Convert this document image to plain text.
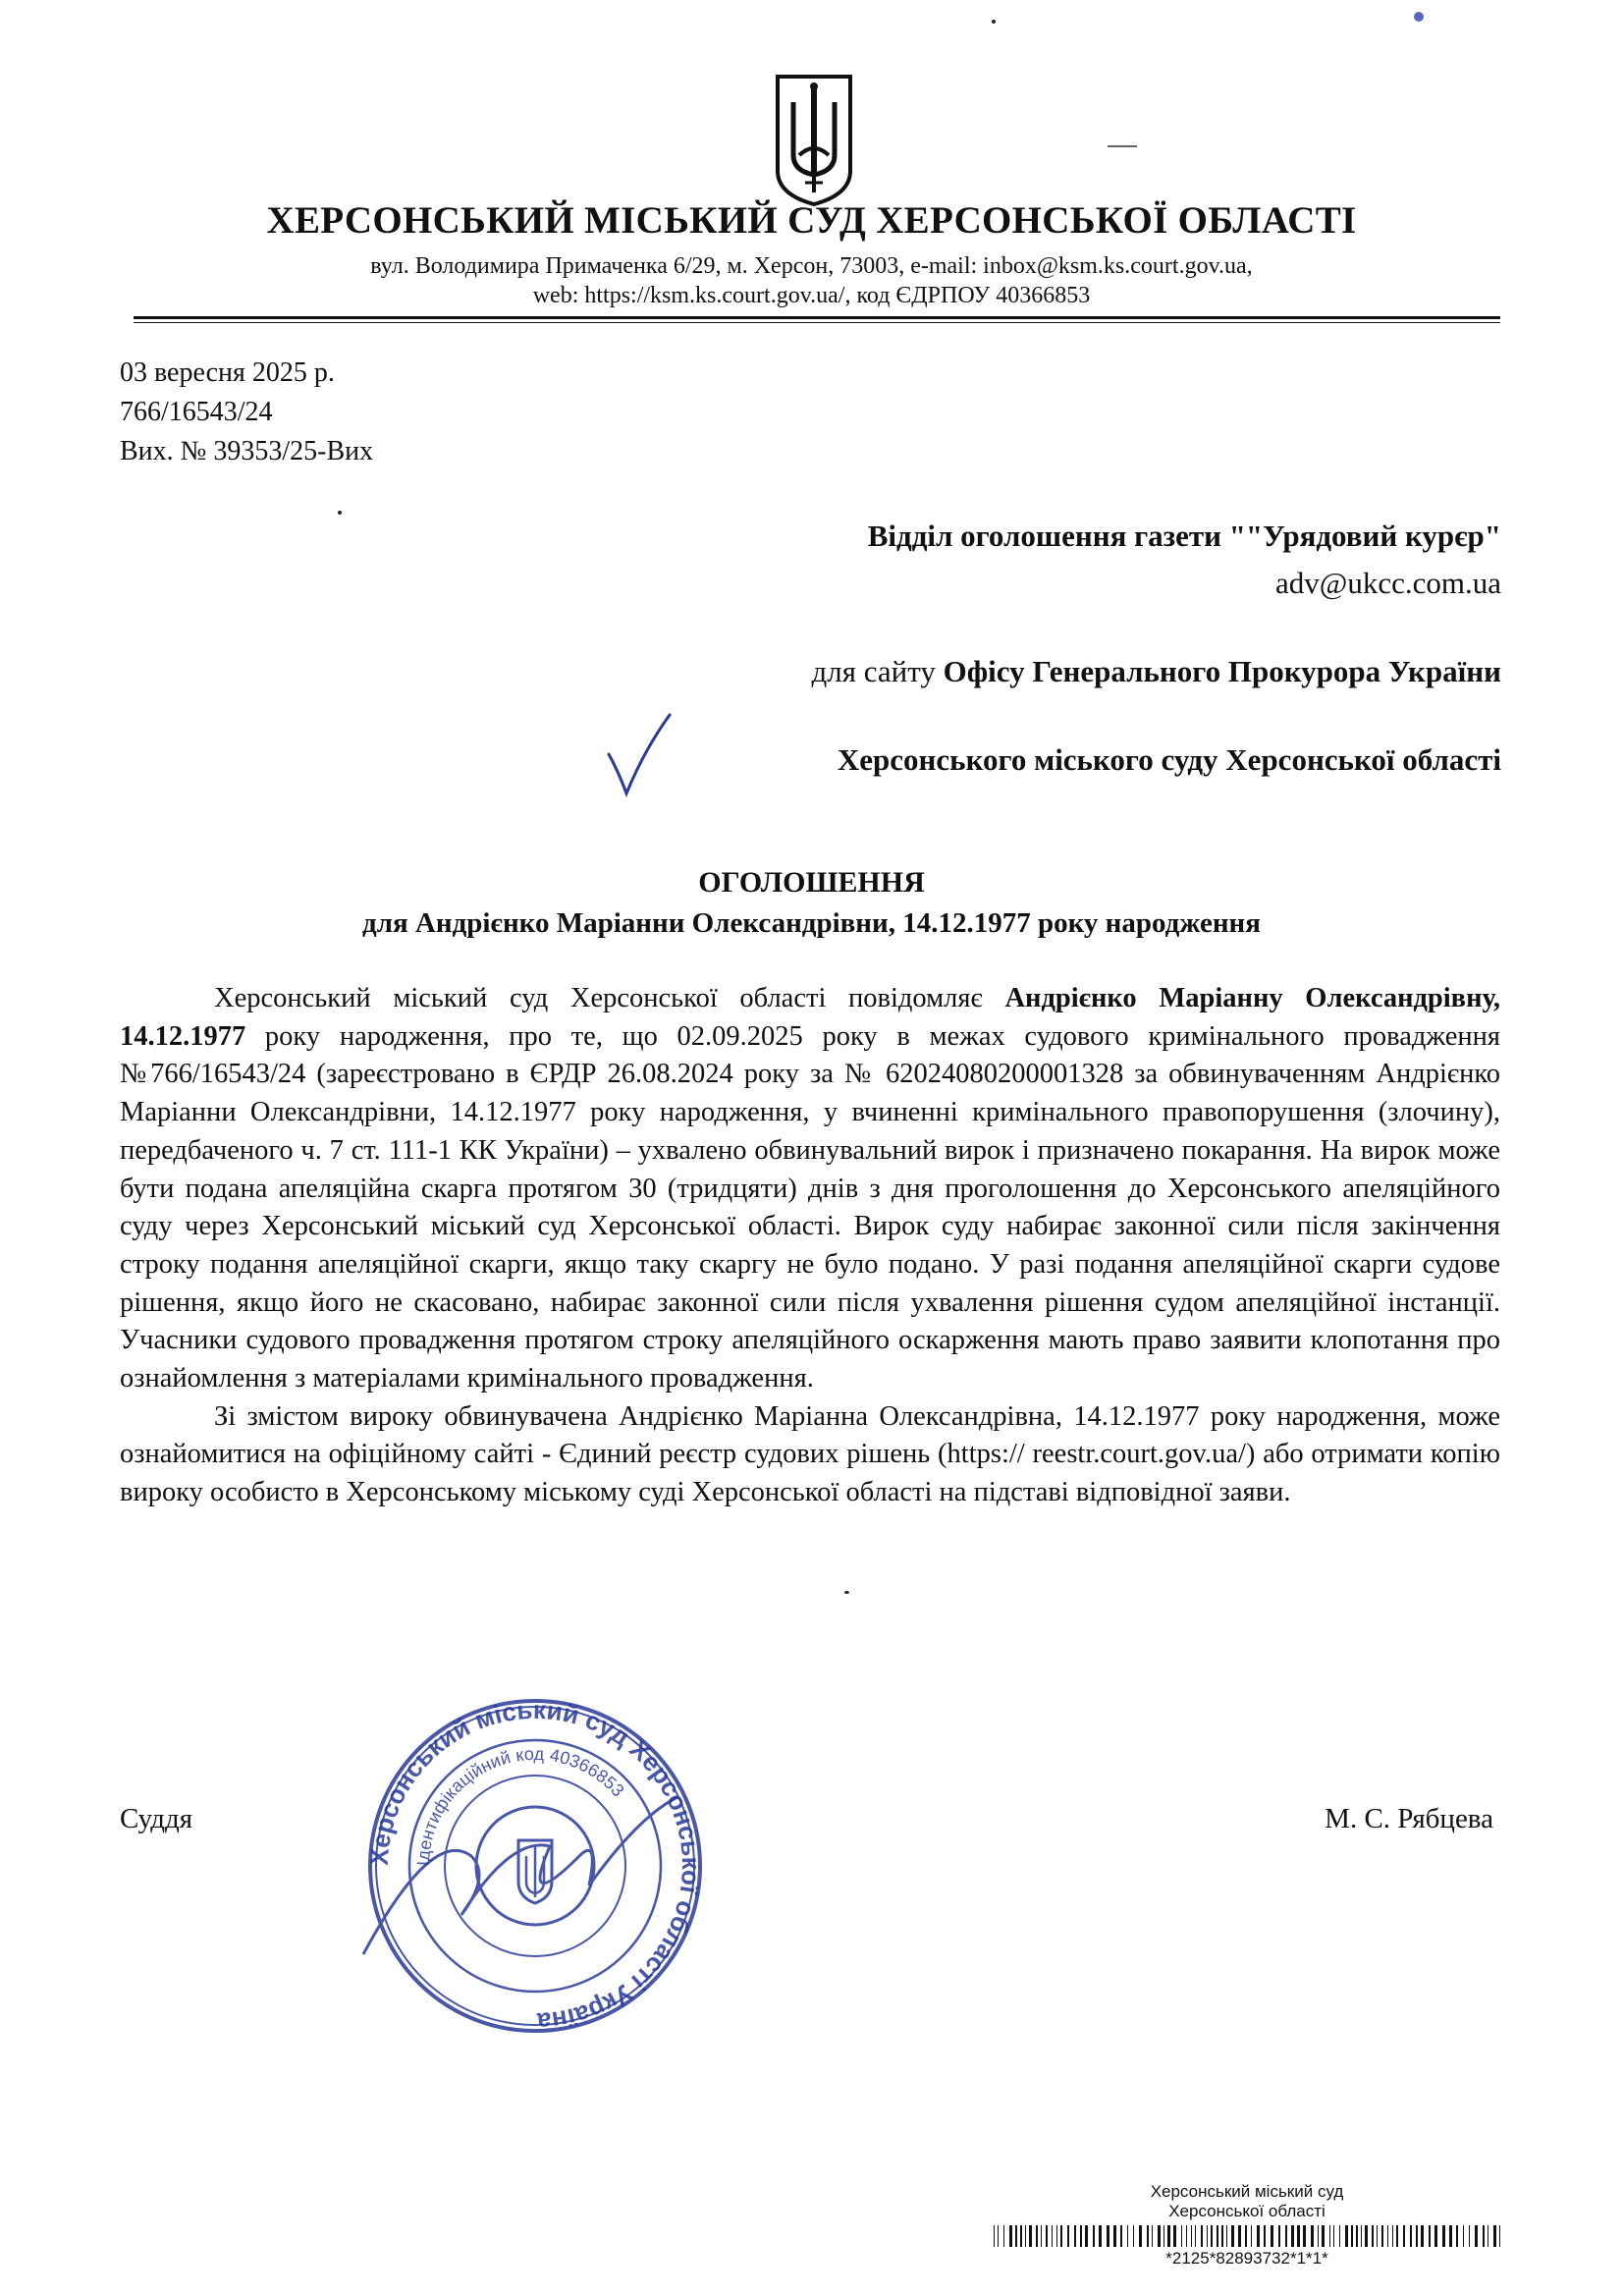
ХЕРСОНСЬКИЙ МІСЬКИЙ СУД ХЕРСОНСЬКОЇ ОБЛАСТІ
вул. Володимира Примаченка 6/29, м. Херсон, 73003, e-mail: inbox@ksm.ks.court.gov.ua,
web: https://ksm.ks.court.gov.ua/, код ЄДРПОУ 40366853
03 вересня 2025 р.
766/16543/24
Вих. № 39353/25-Вих
Відділ оголошення газети ""Урядовий курєр"
adv@ukcc.com.ua
для сайту Офісу Генерального Прокурора України
Херсонського міського суду Херсонської області
ОГОЛОШЕННЯ
для Андрієнко Маріанни Олександрівни, 14.12.1977 року народження

Херсонський міський суд Херсонської області повідомляє Андрієнко Маріанну Олександрівну, 14.12.1977 року народження, про те, що 02.09.2025 року в межах судового кримінального провадження №766/16543/24 (зареєстровано в ЄРДР 26.08.2024 року за № 62024080200001328 за обвинуваченням Андрієнко Маріанни Олександрівни, 14.12.1977 року народження, у вчиненні кримінального правопорушення (злочину), передбаченого ч. 7 ст. 111-1 КК України) – ухвалено обвинувальний вирок і призначено покарання. На вирок може бути подана апеляційна скарга протягом 30 (тридцяти) днів з дня проголошення до Херсонського апеляційного суду через Херсонський міський суд Херсонської області. Вирок суду набирає законної сили після закінчення строку подання апеляційної скарги, якщо таку скаргу не було подано. У разі подання апеляційної скарги судове рішення, якщо його не скасовано, набирає законної сили після ухвалення рішення судом апеляційної інстанції. Учасники судового провадження протягом строку апеляційного оскарження мають право заявити клопотання про ознайомлення з матеріалами кримінального провадження.

Зі змістом вироку обвинувачена Андрієнко Маріанна Олександрівна, 14.12.1977 року народження, може ознайомитися на офіційному сайті - Єдиний реєстр судових рішень (https:// reestr.court.gov.ua/) або отримати копію вироку особисто в Херсонському міському суді Херсонської області на підставі відповідної заяви.

Суддя	М. С. Рябцева
Херсонський міський суд Херсонської області Україна
Ідентифікаційний код 40366853
Херсонський міський суд
Херсонської області
*2125*82893732*1*1*
